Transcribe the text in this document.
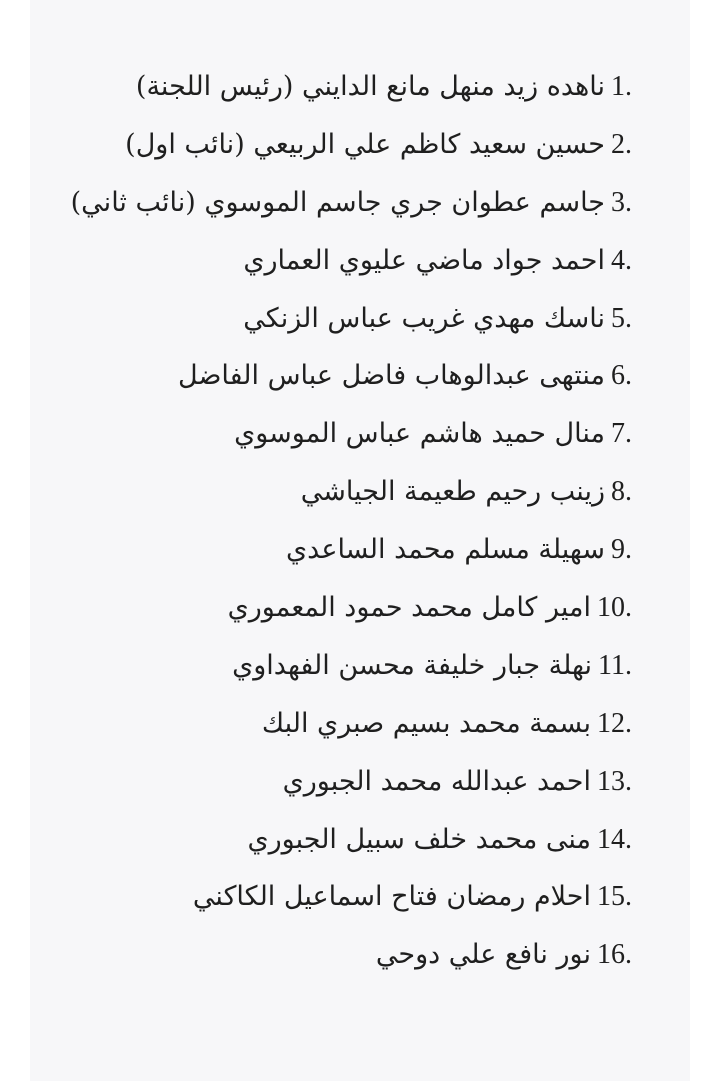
1.ناهده زيد منهل مانع الدايني (رئيس اللجنة)
2.حسين سعيد كاظم علي الربيعي (نائب اول)
3.جاسم عطوان جري جاسم الموسوي (نائب ثاني)
4.احمد جواد ماضي عليوي العماري
5.ناسك مهدي غريب عباس الزنكي
6.منتهى عبدالوهاب فاضل عباس الفاضل
7.منال حميد هاشم عباس الموسوي
8.زينب رحيم طعيمة الجياشي
9.سهيلة مسلم محمد الساعدي
10.امير كامل محمد حمود المعموري
11.نهلة جبار خليفة محسن الفهداوي
12.بسمة محمد بسيم صبري البك
13.احمد عبدالله محمد الجبوري
14.منى محمد خلف سبيل الجبوري
15.احلام رمضان فتاح اسماعيل الكاكني
16.نور نافع علي دوحي
